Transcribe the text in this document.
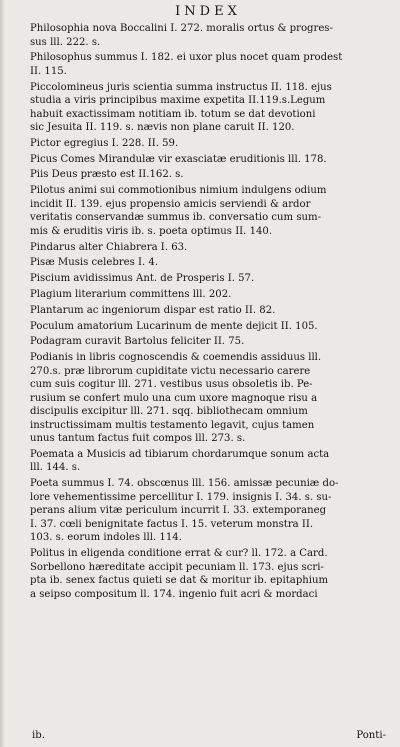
INDEX

Philosophia nova Boccalini I. 272. moralis ortus & progres-
sus lll. 222. s.

Philosophus summus I. 182. ei uxor plus nocet quam prodest
II. 115.

Piccolomineus juris scientia summa instructus II. 118. ejus
studia a viris principibus maxime expetita II.119.s.Legum
habuit exactissimam notitiam ib. totum se dat devotioni
sic Jesuita II. 119. s. nævis non plane caruit II. 120.

Pictor egregius I. 228. II. 59.

Picus Comes Mirandulæ vir exasciatæ eruditionis lll. 178.

Piis Deus præsto est II.162. s.

Pilotus animi sui commotionibus nimium indulgens odium
incidit II. 139. ejus propensio amicis serviendi & ardor
veritatis conservandæ summus ib. conversatio cum sum-
mis & eruditis viris ib. s. poeta optimus II. 140.

Pindarus alter Chiabrera I. 63.

Pisæ Musis celebres I. 4.

Piscium avidissimus Ant. de Prosperis I. 57.

Plagium literarium committens lll. 202.

Plantarum ac ingeniorum dispar est ratio II. 82.

Poculum amatorium Lucarinum de mente dejicit II. 105.

Podagram curavit Bartolus feliciter II. 75.

Podianis in libris cognoscendis & coemendis assiduus lll.
270.s. præ librorum cupiditate victu necessario carere
cum suis cogitur lll. 271. vestibus usus obsoletis ib. Pe-
rusium se confert mulo una cum uxore magnoque risu a
discipulis excipitur lll. 271. sqq. bibliothecam omnium
instructissimam multis testamento legavit, cujus tamen
unus tantum factus fuit compos lll. 273. s.

Poemata a Musicis ad tibiarum chordarumque sonum acta
lll. 144. s.

Poeta summus I. 74. obscœnus lll. 156. amissæ pecuniæ do-
lore vehementissime percellitur I. 179. insignis I. 34. s. su-
perans alium vitæ periculum incurrit I. 33. extemporaneg
I. 37. cœli benignitate factus I. 15. veterum monstra II.
103. s. eorum indoles lll. 114.

Politus in eligenda conditione errat & cur? ll. 172. a Card.
Sorbellono hæreditate accipit pecuniam ll. 173. ejus scri-
pta ib. senex factus quieti se dat & moritur ib. epitaphium
a seipso compositum ll. 174. ingenio fuit acri & mordaci

ib.	Ponti-
